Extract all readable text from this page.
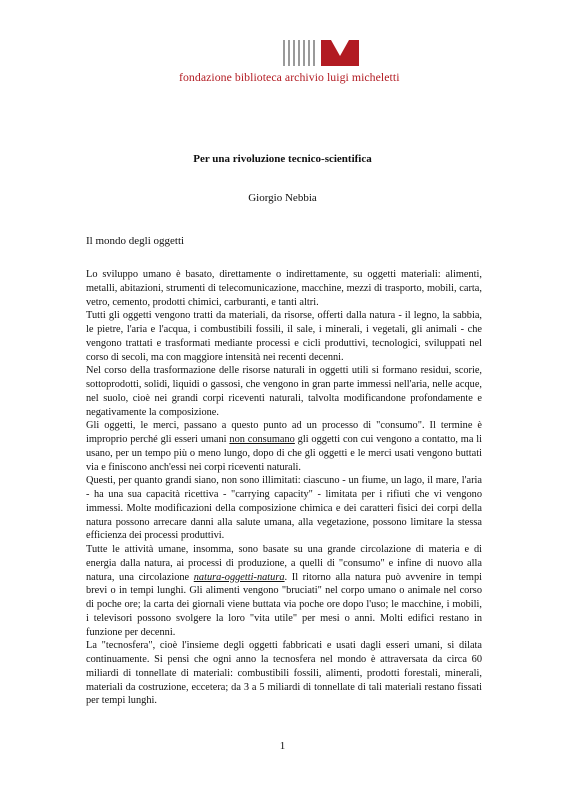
fondazione biblioteca archivio luigi micheletti
Per una rivoluzione tecnico-scientifica
Giorgio Nebbia
Il mondo degli oggetti

Lo sviluppo umano è basato, direttamente o indirettamente, su oggetti materiali: alimenti, metalli, abitazioni, strumenti di telecomunicazione, macchine, mezzi di trasporto, mobili, carta, vetro, cemento, prodotti chimici, carburanti, e tanti altri.

Tutti gli oggetti vengono tratti da materiali, da risorse, offerti dalla natura - il legno, la sabbia, le pietre, l'aria e l'acqua, i combustibili fossili, il sale, i minerali, i vegetali, gli animali - che vengono trattati e trasformati mediante processi e cicli produttivi, tecnologici, sviluppati nel corso di secoli, ma con maggiore intensità nei recenti decenni.

Nel corso della trasformazione delle risorse naturali in oggetti utili si formano residui, scorie, sottoprodotti, solidi, liquidi o gassosi, che vengono in gran parte immessi nell'aria, nelle acque, nel suolo, cioè nei grandi corpi riceventi naturali, talvolta modificandone profondamente e negativamente la composizione.

Gli oggetti, le merci, passano a questo punto ad un processo di "consumo". Il termine è improprio perché gli esseri umani non consumano gli oggetti con cui vengono a contatto, ma li usano, per un tempo più o meno lungo, dopo di che gli oggetti e le merci usati vengono buttati via e finiscono anch'essi nei corpi riceventi naturali.

Questi, per quanto grandi siano, non sono illimitati: ciascuno - un fiume, un lago, il mare, l'aria - ha una sua capacità ricettiva - "carrying capacity" - limitata per i rifiuti che vi vengono immessi. Molte modificazioni della composizione chimica e dei caratteri fisici dei corpi della natura possono arrecare danni alla salute umana, alla vegetazione, possono limitare la stessa efficienza dei processi produttivi.

Tutte le attività umane, insomma, sono basate su una grande circolazione di materia e di energia dalla natura, ai processi di produzione, a quelli di "consumo" e infine di nuovo alla natura, una circolazione natura-oggetti-natura. Il ritorno alla natura può avvenire in tempi brevi o in tempi lunghi. Gli alimenti vengono "bruciati" nel corpo umano o animale nel corso di poche ore; la carta dei giornali viene buttata via poche ore dopo l'uso; le macchine, i mobili, i televisori possono svolgere la loro "vita utile" per mesi o anni. Molti edifici restano in funzione per decenni.

La "tecnosfera", cioè l'insieme degli oggetti fabbricati e usati dagli esseri umani, si dilata continuamente. Si pensi che ogni anno la tecnosfera nel mondo è attraversata da circa 60 miliardi di tonnellate di materiali: combustibili fossili, alimenti, prodotti forestali, minerali, materiali da costruzione, eccetera; da 3 a 5 miliardi di tonnellate di tali materiali restano fissati per tempi lunghi.

1
